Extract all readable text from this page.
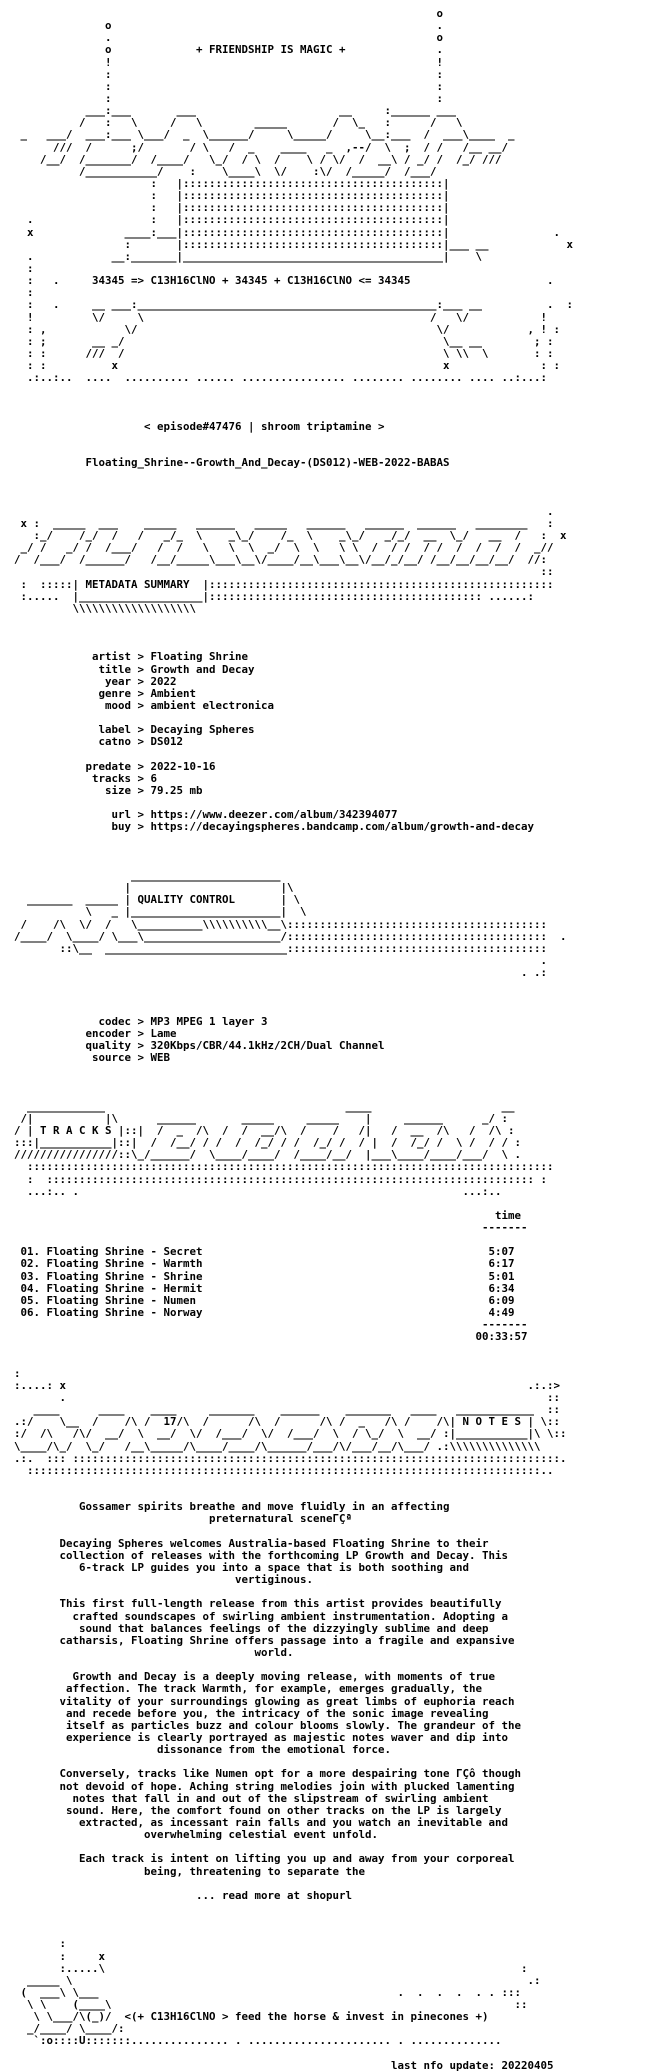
o
o                                                  .
.                                                  o
o             + FRIENDSHIP IS MAGIC +              .
!                                                  !
:                                                  :
:                                                  :
:                                                  :
___:___       ___                      __     :______ ___
/   :   \     /   \        _____       /  \_   :      /   \
_   ___/  ___:___ \___/  _  \______/     \_____/     \__:___  /  ___\____  _
///  /      ;/       / \   /  _    ____   _  ,--/  \  ;  / /   /__ __/
/__/  /_______/  /____/   \_/  / \  /    \ / \/  /  __\ / _/ /  /_/ ///
/___________/    :    \____\  \/    :\/  /_____/  /___/
:   |::::::::::::::::::::::::::::::::::::::::|
:   |::::::::::::::::::::::::::::::::::::::::|
:   |::::::::::::::::::::::::::::::::::::::::|
.                  :   |::::::::::::::::::::::::::::::::::::::::|
x              ____:___|::::::::::::::::::::::::::::::::::::::::|                .
:       |::::::::::::::::::::::::::::::::::::::::|___ __            x
.            __:_______|________________________________________|    \
:
:   .     34345 => C13H16ClNO + 34345 + C13H16ClNO <= 34345                     .
:
:   .     __ ___:______________________________________________:___ __          .  :
!         \/     \                                            /   \/           !
: ,            \/                                              \/            , ! :
: ;       __ _/                                                 \__ __        ; :
: :      ///  /                                                 \ \\  \       : :
: :          x                                                  x              : :
.:..:..  ....  .......... ...... ................ ........ ........ .... ..:...:
< episode#47476 | shroom triptamine >
Floating_Shrine--Growth_And_Decay-(DS012)-WEB-2022-BABAS
.
x :  _____  ___    _____   ______   _____   ______   ______  ______   ________   :
:_/    /_/  /   /   _/_  \    _\_/    /_  \    _\_/   _/_/  __  \_/   __  /   :  x
_/ /   _/ /  /___/   /  /   \   \  \  _/  \  \   \ \  /  / /  / /  /  /  /  /  _//
/  /___/  /______/   /__/_____\___\__\/____/__\___\__\/__/_/__/ /__/__/__/__/  //:
::
:  :::::| METADATA SUMMARY  |:::::::::::::::::::::::::::::::::::::::::::::::::::::
:.....  |___________________|:::::::::::::::::::::::::::::::::::::::::: ......:
\\\\\\\\\\\\\\\\\\\
artist > Floating Shrine
title > Growth and Decay
year > 2022
genre > Ambient
mood > ambient electronica
label > Decaying Spheres
catno > DS012
predate > 2022-10-16
tracks > 6
size > 79.25 mb
url > https://www.deezer.com/album/342394077
buy > https://decayingspheres.bandcamp.com/album/growth-and-decay
_______________________
|                       |\
_______  _____ | QUALITY CONTROL       | \
\   _ |_______________________|  \
/    /\  \/  /   \__________\\\\\\\\\\__\::::::::::::::::::::::::::::::::::::::::
/____/  \____/ \___\_____________________/::::::::::::::::::::::::::::::::::::::::  .
::\__  ____________________________::::::::::::::::::::::::::::::::::::::::
.
. .:
codec > MP3 MPEG 1 layer 3
encoder > Lame
quality > 320Kbps/CBR/44.1kHz/2CH/Dual Channel
source > WEB
____________                                     ____                    __
/|           |\      ______       _____     _____    |     ______      _/ :
/ | T R A C K S |::|  /  _  /\  /  /  __/\  /    /   /|   /  __  /\   /  /\ :
:::|___________|::|  /  /__/ / /  /  /_/ / /  /_/ /  / |  /  /_/ /  \ /  / / :
////////////////::\_/______/  \____/____/  /____/__/  |___\____/____/___/  \ .
:::::::::::::::::::::::::::::::::::::::::::::::::::::::::::::::::::::::::::::::::
:  ::::::::::::::::::::::::::::::::::::::::::::::::::::::::::::::::::::::::::: :
...:.. .                                                           ...:..
time
-------
01. Floating Shrine - Secret                                            5:07
02. Floating Shrine - Warmth                                            6:17
03. Floating Shrine - Shrine                                            5:01
04. Floating Shrine - Hermit                                            6:34
05. Floating Shrine - Numen                                             6:09
06. Floating Shrine - Norway                                            4:49
-------
00:33:57
:
:....: x                                                                       .:.:>
.                                                                          ::
____      ____    ____     _______    ______    _______   ____   ____________  ::
.:/    \__  /    /\ /  17/\  /      /\  /      /\ /  _   /\ /    /\| N O T E S | \::
:/  /\   /\/  __/  \  __/  \/  /___/  \/  /___/  \  / \_/  \  __/ :|___________|\ \::
\____/\_/  \_/   /__\_____/\____/____/\______/___/\/___/__/\___/ .:\\\\\\\\\\\\\\
.:.  ::: :::::::::::::::::::::::::::::::::::::::::::::::::::::::::::::::::::::::::::.
:::::::::::::::::::::::::::::::::::::::::::::::::::::::::::::::::::::::::::::::..
Gossamer spirits breathe and move fluidly in an affecting
preternatural sceneΓÇª
Decaying Spheres welcomes Australia-based Floating Shrine to their
collection of releases with the forthcoming LP Growth and Decay. This
6-track LP guides you into a space that is both soothing and
vertiginous.
This first full-length release from this artist provides beautifully
crafted soundscapes of swirling ambient instrumentation. Adopting a
sound that balances feelings of the dizzyingly sublime and deep
catharsis, Floating Shrine offers passage into a fragile and expansive
world.
Growth and Decay is a deeply moving release, with moments of true
affection. The track Warmth, for example, emerges gradually, the
vitality of your surroundings glowing as great limbs of euphoria reach
and recede before you, the intricacy of the sonic image revealing
itself as particles buzz and colour blooms slowly. The grandeur of the
experience is clearly portrayed as majestic notes waver and dip into
dissonance from the emotional force.
Conversely, tracks like Numen opt for a more despairing tone ΓÇô though
not devoid of hope. Aching string melodies join with plucked lamenting
notes that fall in and out of the slipstream of swirling ambient
sound. Here, the comfort found on other tracks on the LP is largely
extracted, as incessant rain falls and you watch an inevitable and
overwhelming celestial event unfold.
Each track is intent on lifting you up and away from your corporeal
being, threatening to separate the
... read more at shopurl
:
:     x
:.....\                                                                :
_____ \                                                                      .:
(  ___\ \___                                              .  .  .  .  . . :::
\ \    (____\                                                              ::
\ \___/\(_)/  <(+ C13H16ClNO > feed the horse & invest in pinecones +)
_/____/ \____/:
`:o::::U:::::::............... . ...................... . ..............
last nfo update: 20220405
